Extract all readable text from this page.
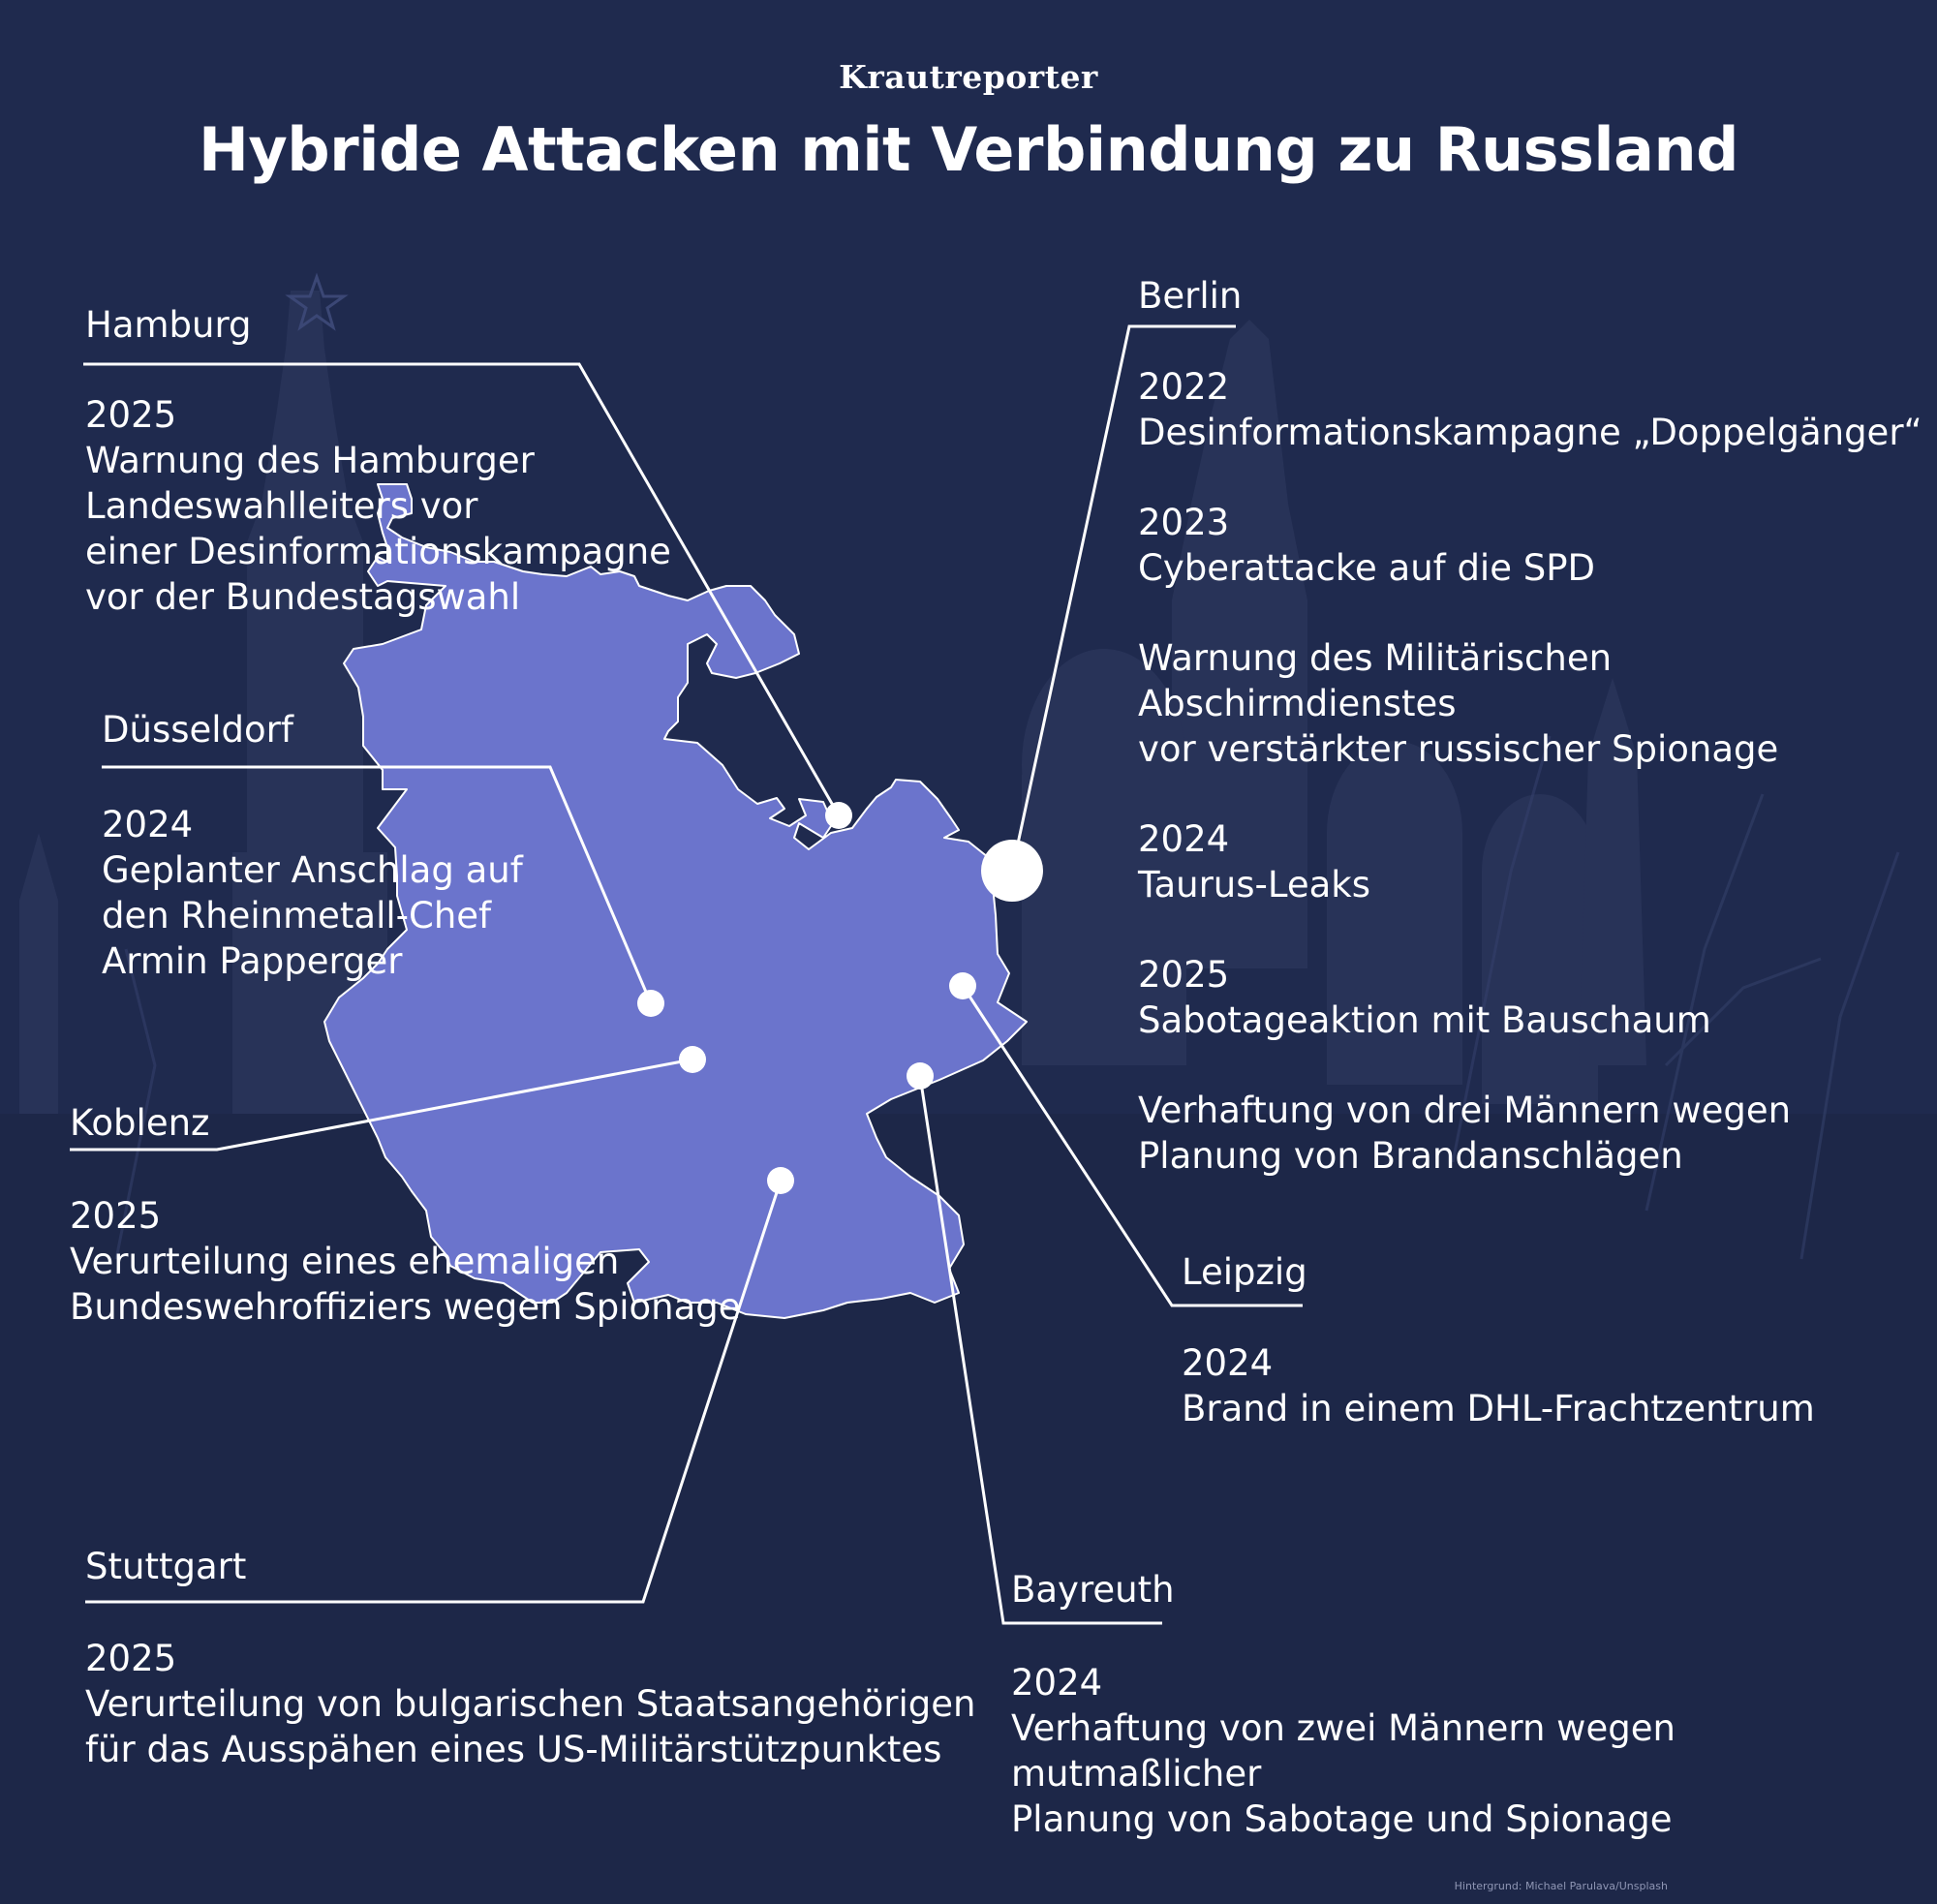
Krautreporter
Hybride Attacken mit Verbindung zu Russland
Hamburg
2025
Warnung des Hamburger
Landeswahlleiters vor
einer Desinformationskampagne
vor der Bundestagswahl
Düsseldorf
2024
Geplanter Anschlag auf
den Rheinmetall-Chef
Armin Papperger
Koblenz
2025
Verurteilung eines ehemaligen
Bundeswehroffiziers wegen Spionage
Stuttgart
2025
Verurteilung von bulgarischen Staatsangehörigen
für das Ausspähen eines US-Militärstützpunktes
Berlin
2022
Desinformationskampagne „Doppelgänger“
2023
Cyberattacke auf die SPD
Warnung des Militärischen Abschirmdienstes
vor verstärkter russischer Spionage
2024
Taurus-Leaks
2025
Sabotageaktion mit Bauschaum
Verhaftung von drei Männern wegen
Planung von Brandanschlägen
Leipzig
2024
Brand in einem DHL-Frachtzentrum
Bayreuth
2024
Verhaftung von zwei Männern wegen mutmaßlicher
Planung von Sabotage und Spionage
Hintergrund: Michael Parulava/Unsplash
